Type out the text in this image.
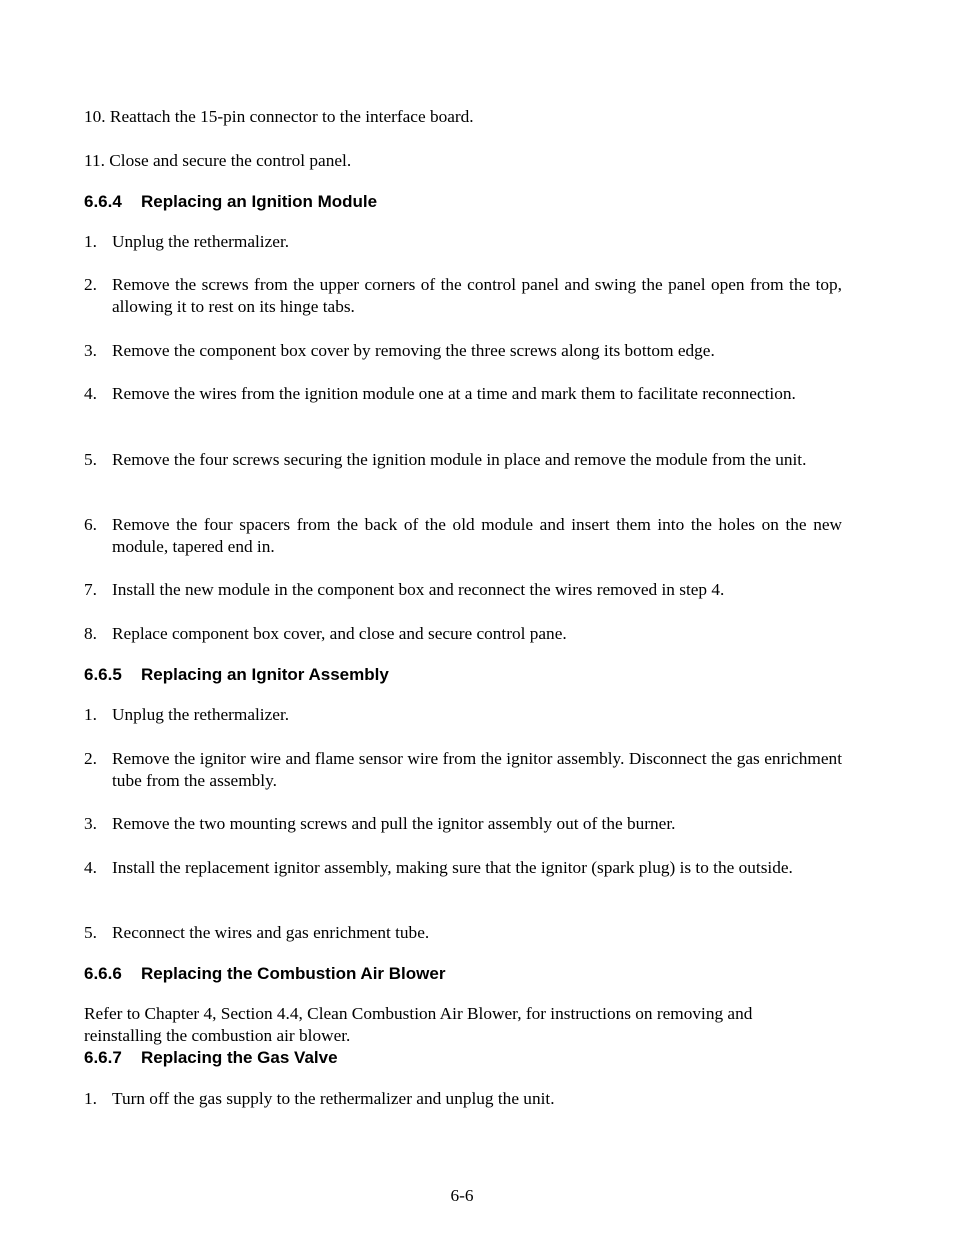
10. Reattach the 15-pin connector to the interface board.
11. Close and secure the control panel.
6.6.4 Replacing an Ignition Module
1. Unplug the rethermalizer.
2. Remove the screws from the upper corners of the control panel and swing the panel open from the top, allowing it to rest on its hinge tabs.
3. Remove the component box cover by removing the three screws along its bottom edge.
4. Remove the wires from the ignition module one at a time and mark them to facilitate reconnection.
5. Remove the four screws securing the ignition module in place and remove the module from the unit.
6. Remove the four spacers from the back of the old module and insert them into the holes on the new module, tapered end in.
7. Install the new module in the component box and reconnect the wires removed in step 4.
8. Replace component box cover, and close and secure control pane.
6.6.5 Replacing an Ignitor Assembly
1. Unplug the rethermalizer.
2. Remove the ignitor wire and flame sensor wire from the ignitor assembly. Disconnect the gas enrichment tube from the assembly.
3. Remove the two mounting screws and pull the ignitor assembly out of the burner.
4. Install the replacement ignitor assembly, making sure that the ignitor (spark plug) is to the outside.
5. Reconnect the wires and gas enrichment tube.
6.6.6 Replacing the Combustion Air Blower
Refer to Chapter 4, Section 4.4, Clean Combustion Air Blower, for instructions on removing and reinstalling the combustion air blower.
6.6.7 Replacing the Gas Valve
1. Turn off the gas supply to the rethermalizer and unplug the unit.
6-6
